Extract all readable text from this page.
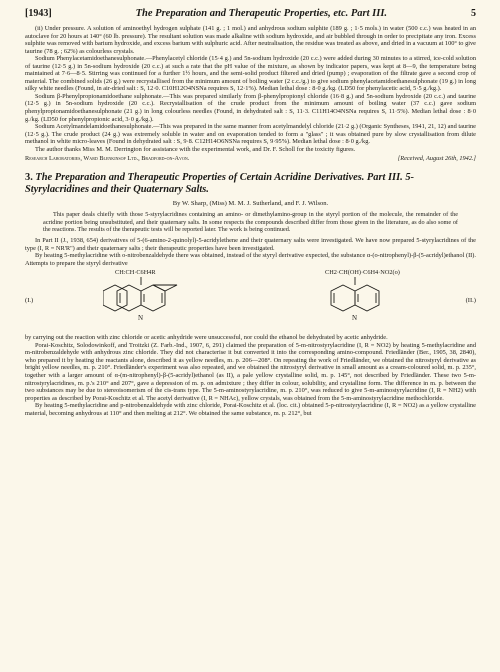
[1943]	The Preparation and Therapeutic Properties, etc. Part III.	5

(ii) Under pressure. A solution of aminoethyl hydrogen sulphate (141 g. ; 1 mol.) and anhydrous sodium sulphite (189 g. ; 1·5 mols.) in water (500 c.c.) was heated in an autoclave for 20 hours at 140° (60 lb. pressure). The resultant solution was made alkaline with sodium hydroxide, and air bubbled through in order to precipitate any iron. Excess sulphite was removed with barium hydroxide, and excess barium with sulphuric acid. After neutralisation, the residue was treated as above, and dried in a vacuum at 100° to give taurine (78 g. ; 62%) as colourless crystals.

Sodium Phenylacetamidoethanesulphonate.—Phenylacetyl chloride (15·4 g.) and 5n-sodium hydroxide (20 c.c.) were added during 30 minutes to a stirred, ice-cold solution of taurine (12·5 g.) in 5n-sodium hydroxide (20 c.c.) at such a rate that the pH value of the mixture, as shown by indicator papers, was kept at 8—9, the temperature being maintained at 7·6—8·5. Stirring was continued for a further 1½ hours, and the semi-solid product filtered and dried (pump) ; evaporation of the filtrate gave a second crop of material. The combined solids (26 g.) were recrystallised from the minimum amount of boiling water (2 c.c./g.) to give sodium phenylacetamidoethanesulphonate (19 g.) in long silky white needles (Found, in air-dried salt : S, 12·0. C10H12O4NSNa requires S, 12·1%). Median lethal dose : 8·0 g./kg. (LD50 for phenylacetic acid, 5·5 g./kg.).

Sodium β-Phenylpropionamidoethane sulphonate.—This was prepared similarly from β-phenylpropionyl chloride (16·8 g.) and 5n-sodium hydroxide (20 c.c.) and taurine (12·5 g.) in 5n-sodium hydroxide (20 c.c.). Recrystallisation of the crude product from the minimum amount of boiling water (37 c.c.) gave sodium phenylpropionamidoethanesulphonate (21 g.) in long colourless needles (Found, in dehydrated salt : S, 11·3. C11H14O4NSNa requires S, 11·5%). Median lethal dose : 8·0 g./kg. (LD50 for phenylpropionic acid, 3·0 g./kg.).

Sodium Acetylmandelamidoethanesulphonate.—This was prepared in the same manner from acetylmandelyl chloride (21·2 g.) (Organic Syntheses, 1941, 21, 12) and taurine (12·5 g.). The crude product (24 g.) was extremely soluble in water and on evaporation tended to form a "glass" ; it was obtained pure by slow crystallisation from dilute methanol in white micro-leaves (Found in dehydrated salt : S, 9·8. C12H14O6NSNa requires S, 9·95%). Median lethal dose : 8·0 g./kg.

The author thanks Miss M. M. Derrington for assistance with the experimental work, and Dr. F. Scholl for the toxicity figures.

Research Laboratories, Ward Blenkinsop Ltd., Bradford-on-Avon.	[Received, August 26th, 1942.]
3. The Preparation and Therapeutic Properties of Certain Acridine Derivatives. Part III. 5-Styrylacridines and their Quaternary Salts.
By W. Sharp, (Miss) M. M. J. Sutherland, and F. J. Wilson.

This paper deals chiefly with those 5-styrylacridines containing an amino- or dimethylamino-group in the styryl portion of the molecule, the remainder of the acridine portion being unsubstituted, and their quaternary salts. In some respects the compounds described differ from those given in the literature, as do also some of the reactions. The results of the therapeutic tests will be reported later. The work is being continued.

In Part II (J., 1938, 654) derivatives of 5-(6-amino-2-quinolyl)-5-acridylethene and their quaternary salts were investigated. We have now prepared 5-styrylacridines of the type (I, R = NR'R") and their quaternary salts ; their therapeutic properties have been investigated.

By heating 5-methylacridine with o-nitrobenzaldehyde there was obtained, instead of the styryl derivative expected, the substance α-(o-nitrophenyl)-β-(5-acridyl)ethanol (II). Attempts to prepare the styryl derivative

(I.)
CH:CH·C6H4R
N
CH2·CH(OH)·C6H4·NO2(o)
N
(II.)

by carrying out the reaction with zinc chloride or acetic anhydride were unsuccessful, nor could the ethanol be dehydrated by acetic anhydride.

Porai-Koschitz, Solodowinkoff, and Troitzki (Z. Farb.-Ind., 1907, 6, 291) claimed the preparation of 5-m-nitrostyrylacridine (I, R = NO2) by heating 5-methylacridine and m-nitrobenzaldehyde with anhydrous zinc chloride. They did not characterise it but converted it into the corresponding amino-compound. Friedländer (Ber., 1905, 38, 2840), who prepared it by heating the reactants alone, described it as yellow needles, m. p. 206—208°. On repeating the work of Friedländer, we obtained the nitrostyryl derivative as bright yellow needles, m. p. 210°. Friedländer's experiment was also repeated, and we obtained the nitrostyryl derivative in small amount as a cream-coloured solid, m. p. 235°, together with a larger amount of α-(m-nitrophenyl)-β-(5-acridyl)ethanol (as II), a pale yellow crystalline solid, m. p. 145°, not described by Friedländer. These two 5-m-nitrostyrylacridines, m. p.'s 210° and 207°, gave a depression of m. p. on admixture ; they differ in colour, solubility, and crystalline form. The difference in m. p. between the two substances may be due to stereoisomerism of the cis-trans type. The 5-m-aminostyrylacridine, m. p. 210°, was reduced to give 5-m-aminostyrylacridine (I, R = NH2) with properties as described by Porai-Koschitz et al. The acetyl derivative (I, R = NHAc), yellow crystals, was obtained from the 5-m-aminostyrylacridine methochloride.

By heating 5-methylacridine and p-nitrobenzaldehyde with zinc chloride, Porai-Koschitz et al. (loc. cit.) obtained 5-p-nitrostyrylacridine (I, R = NO2) as a yellow crystalline material, becoming anhydrous at 110° and then melting at 212°. We obtained the same substance, m. p. 212°, but
